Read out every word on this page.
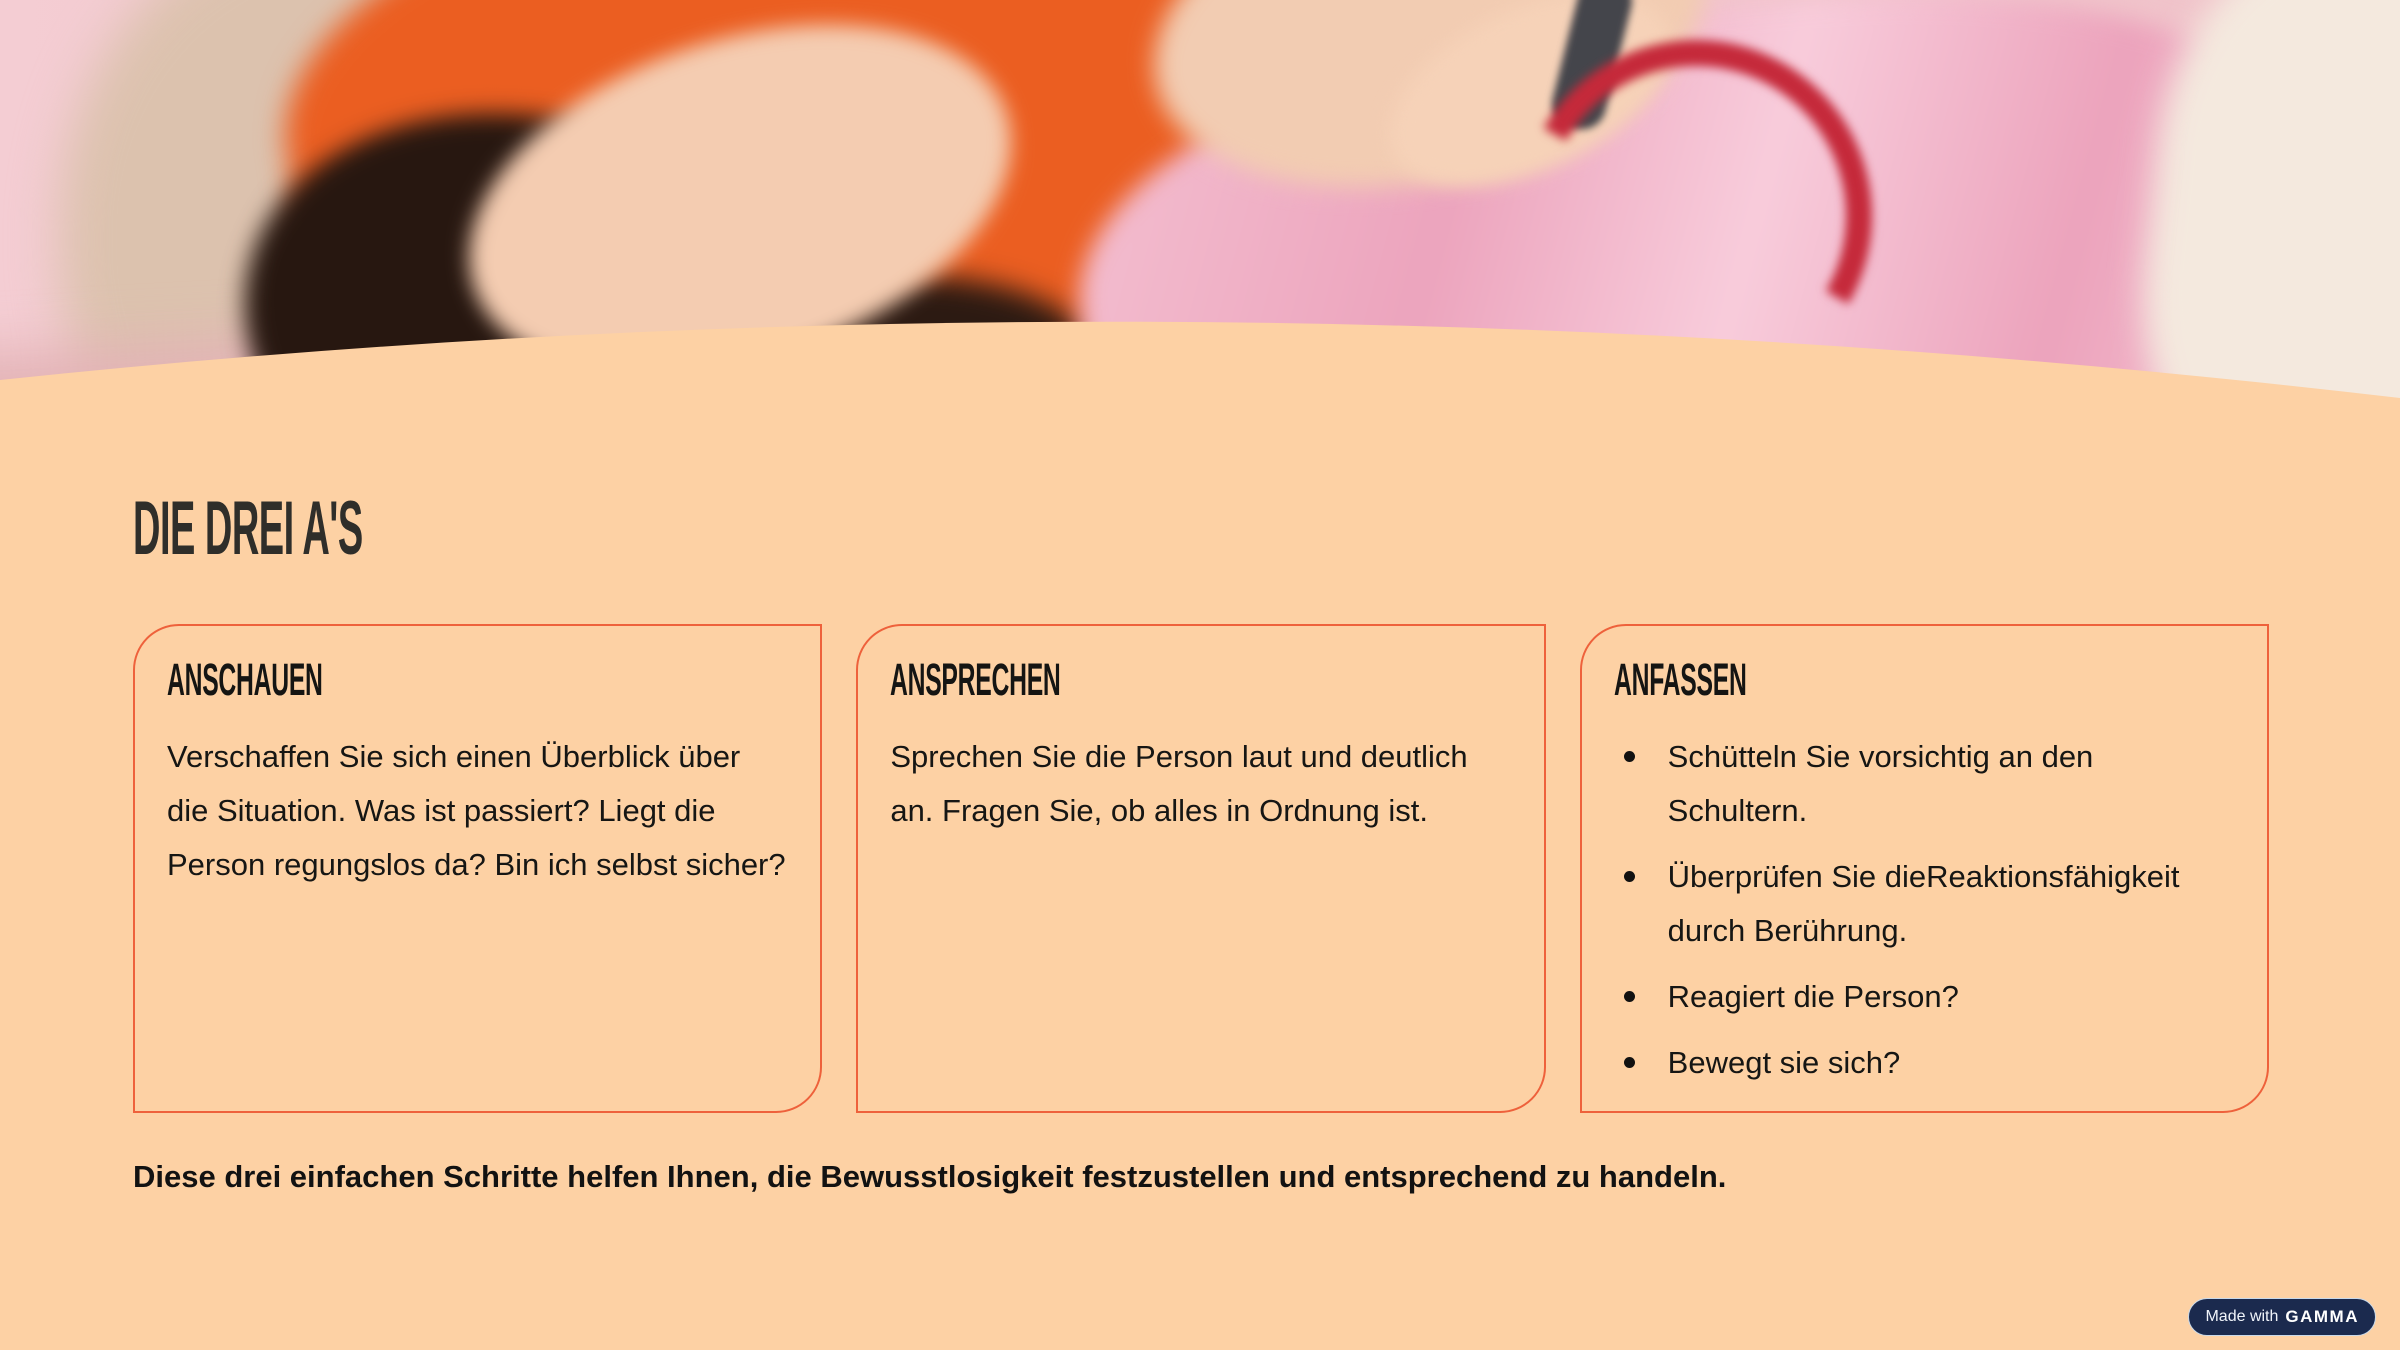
DIE DREI A'S
ANSCHAUEN

Verschaffen Sie sich einen Überblick über die Situation. Was ist passiert? Liegt die Person regungslos da? Bin ich selbst sicher?

ANSPRECHEN

Sprechen Sie die Person laut und deutlich an. Fragen Sie, ob alles in Ordnung ist.

ANFASSEN
Schütteln Sie vorsichtig an den Schultern.
Überprüfen Sie dieReaktionsfähigkeit durch Berührung.
Reagiert die Person?
Bewegt sie sich?

Diese drei einfachen Schritte helfen Ihnen, die Bewusstlosigkeit festzustellen und entsprechend zu handeln.

Made with GAMMA
